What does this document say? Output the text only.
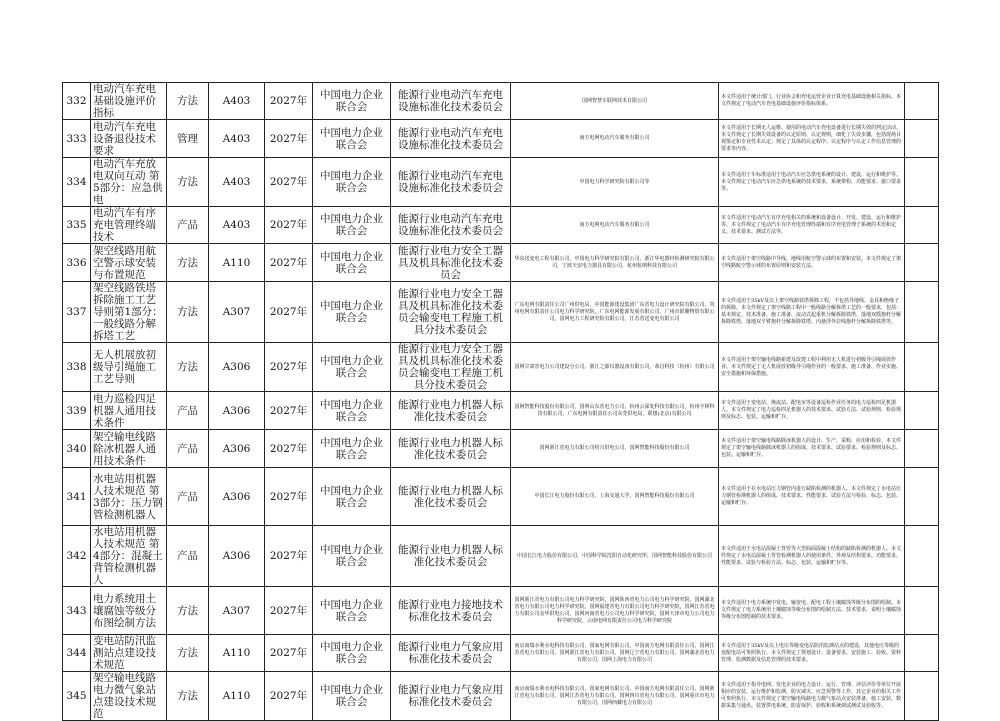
332	电动汽车充电基础设施评价指标	方法	A403	2027年	中国电力企业联合会	能源行业电动汽车充电设施标准化技术委员会	国网智慧车联网技术有限公司	本文件适用于统计部门、行业协会和充电运营企业计算充电基础设施相关指标。本文件规定了电动汽车充电基础设施评价指标体系。	
333	电动汽车充电设备退役技术要求	管理	A403	2027年	中国电力企业联合会	能源行业电动汽车充电设施标准化技术委员会	南方电网电动汽车服务有限公司	本文件适用于长期无人运维、使用的电动汽车充电设备进行长期失效的判定活动。本文件规定了长期失效设备的认定原则、认定规则，细化了失效步骤，包括现场目视鉴定和专业性术认定；规定了具体的认定程序、认定程序与认定工作信息管理的要求等内容。	
334	电动汽车充放电双向互动 第5部分：应急供电	方法	A403	2027年	中国电力企业联合会	能源行业电动汽车充电设施标准化技术委员会	中国电力科学研究院有限公司等	本文件适用于车标准适用于电动汽车应急供电系统的设计、建设、运行和维护等。本文件规定了电动汽车应急供电系统的技术要求，系统架构、功能要求、接口要求等。	
335	电动汽车有序充电管理终端技术	产品	A403	2027年	中国电力企业联合会	能源行业电动汽车充电设施标准化技术委员会	南方电网电动汽车服务有限公司	本文件适用于电动汽车有序充电相关的系统和设备设计、开发、建设、运行和维护等。本文件规定了电动汽车有序充电管理终端和有序充电管理子系统的术语和定义、技术要求、测试方法等。	
336	架空线路用航空警示球安装与布置规范	方法	A110	2027年	中国电力企业联合会	能源行业电力安全工器具及机具标准化技术委员会	华东送变电工程有限公司，中国电力科学研究院有限公司，浙江华电器材检测研究院有限公司，宁波天安电力器具有限公司，杭州杭纳科技有限公司	本文件适用于架空线路中导线、地线用航空警示球的布置和安装。本文件规定了架空线路航空警示球的布置原则和安装方法。	
337	架空线路铁塔拆除施工工艺导则第1部分：一般线路分解拆塔工艺	方法	A307	2027年	中国电力企业联合会	能源行业电力安全工器具及机具标准化技术委员会输变电工程施工机具分技术委员会	广东电网有限责任公司广州供电局，中国能源建设集团广东省电力设计研究院有限公司，贵州电网有限责任公司电力科学研究院，广东电网能源发展有限公司，广州市银墉物资有限公司，国网电力工程研究院有限公司，江苏省送变电有限公司	本文件适用于35kV及以上架空线路铁塔拆除工程，不包括导地线、金具和绝缘子的拆除。本文件规定了架空线路工程中一般线路分解拆塔工艺的一般要求，包括：基本规定、技术准备、施工准备、流动式起重机分解拆除铁塔、落地双摇抱杆分解拆除铁塔、落地双平臂抱杆分解拆除铁塔、内悬浮外拉线抱杆分解拆除铁塔等。	
338	无人机展放初级导引绳施工工艺导则	方法	A306	2027年	中国电力企业联合会	能源行业电力安全工器具及机具标准化技术委员会输变电工程施工机具分技术委员会	国网甘肃省电力公司建设分公司，浙江之源仪器设备有限公司，恭昌科技（杭州）有限公司	本文件适用于架空输电线路新建及改建工程中利用无人机进行初级导引绳展放作业。本文件规定了无人机展放初级导引绳作业的一般要求、施工准备、作业实施、安全措施和环保措施。	
339	电力巡检四足机器人通用技术条件	产品	A306	2027年	中国电力企业联合会	能源行业电力机器人标准化技术委员会	国网智能科技股份有限公司，国网山东省电力公司，杭州云深处科技有限公司，杭州宇树科技有限公司，广东电网有限责任公司东莞供电局，联想(北京)有限公司	本文件适用于变电站、换流站、配电室等设备巡检作业任务的电力巡检四足机器人。本文件规定了电力巡检四足机器人的技术要求、试验方法、试验规则、检验规则及标志、包装、运输和贮存。	
340	架空输电线路除冰机器人通用技术条件	产品	A306	2027年	中国电力企业联合会	能源行业电力机器人标准化技术委员会	国网浙江省电力有限公司绍兴供电公司，国网智能科技股份有限公司	本文件适用于架空输电线路除冰机器人的设计、生产、采购、应用和检验。本文件规定了架空输电线路除冰机器人的组成、技术要求、试验要求、检验规则及标志、包装、运输和贮存。	
341	水电站用机器人技术规范 第3部分：压力钢管检测机器人	产品	A306	2027年	中国电力企业联合会	能源行业电力机器人标准化技术委员会	中国长江电力股份有限公司，上海交通大学，国网智能科技股份有限公司	本文件适用于在水电站压力钢管内进行缺陷检测的机器人。本文件规定了水电站压力钢管检测机器人的组成、技术要求、性能要求、试验方法与检验、标志、包装、运输和贮存。	
342	水电站用机器人技术规范 第4部分：混凝土背管检测机器人	产品	A306	2027年	中国电力企业联合会	能源行业电力机器人标准化技术委员会	中国长江电力股份有限公司，中国科学院沈阳自动化研究所，国网智能科技股份有限公司	本文件适用于水电站混凝土背管等大型曲面混凝土结构的缺陷检测的机器人。本文件规定了水电站混凝土背管检测机器人的使用条件、外观及结构要求、功能要求、性能要求、试验与检验方法、标志、包装、运输和贮存等。	
343	电力系统用土壤腐蚀等级分布图绘制方法	方法	A307	2027年	中国电力企业联合会	能源行业电力接地技术标准化技术委员会	国网浙江省电力有限公司电力科学研究院，国网陕西省电力公司电力科学研究院，国网湖北省电力有限公司电力科学研究院，国网福建省电力有限公司电力科学研究院，国网江苏省电力有限公司金华供电公司，国网河南省电力公司电力科学研究院，国网天津市电力公司电力科学研究院，云南电网有限责任公司电力科学研究院	本文件适用于电力系统中发电、输变电、配电工程土壤腐蚀等级分布图的绘制。本文件规定了电力系统用土壤腐蚀等级分布图的绘制方法、技术要求，说明土壤腐蚀等级分布图绘制的技术要求。	
344	变电站防汛监测站点建设技术规范	方法	A110	2027年	中国电力企业联合会	能源行业电力气象应用标准化技术委员会	南京南瑞水利水电科技有限公司，国家电网有限公司，中国南方电网有限责任公司，国网江苏省电力有限公司，国网浙江省电力有限公司，国网辽宁省电力有限公司，国网湖北省电力有限公司，国网上海电力有限公司	本文件适用于35kV及以上电压等级变电站防汛监测站点的建设，其他电压等级的变配电站可参照执行。本文件规定了规划设计、设备要求、安装施工、验收、资料管理、监测数据及信息管理的技术要求。	
345	架空输电线路电力微气象站点建设技术规范	方法	A110	2027年	中国电力企业联合会	能源行业电力气象应用标准化技术委员会	南京南瑞水利水电科技有限公司，国家电网有限公司，中国南方电网有限责任公司，国网浙江省电力有限公司，国网江苏省电力有限公司，国网四川省电力有限公司，国网重庆市电力有限公司，国网西藏电力有限公司	本文件适用于指导电网、发电企业的电力设计、运行、管理、评估评价等单位开展相应的安装、运行维护和监测、防灾减灾、应急预警等工作，其它企业的相关工作可参照执行。本文件规定了架空输电线路电力微气象站点安装准备、施工安装、数据采集与通讯、装置供电系统、防雷保护、验收和系统调试测试及验收等。	
